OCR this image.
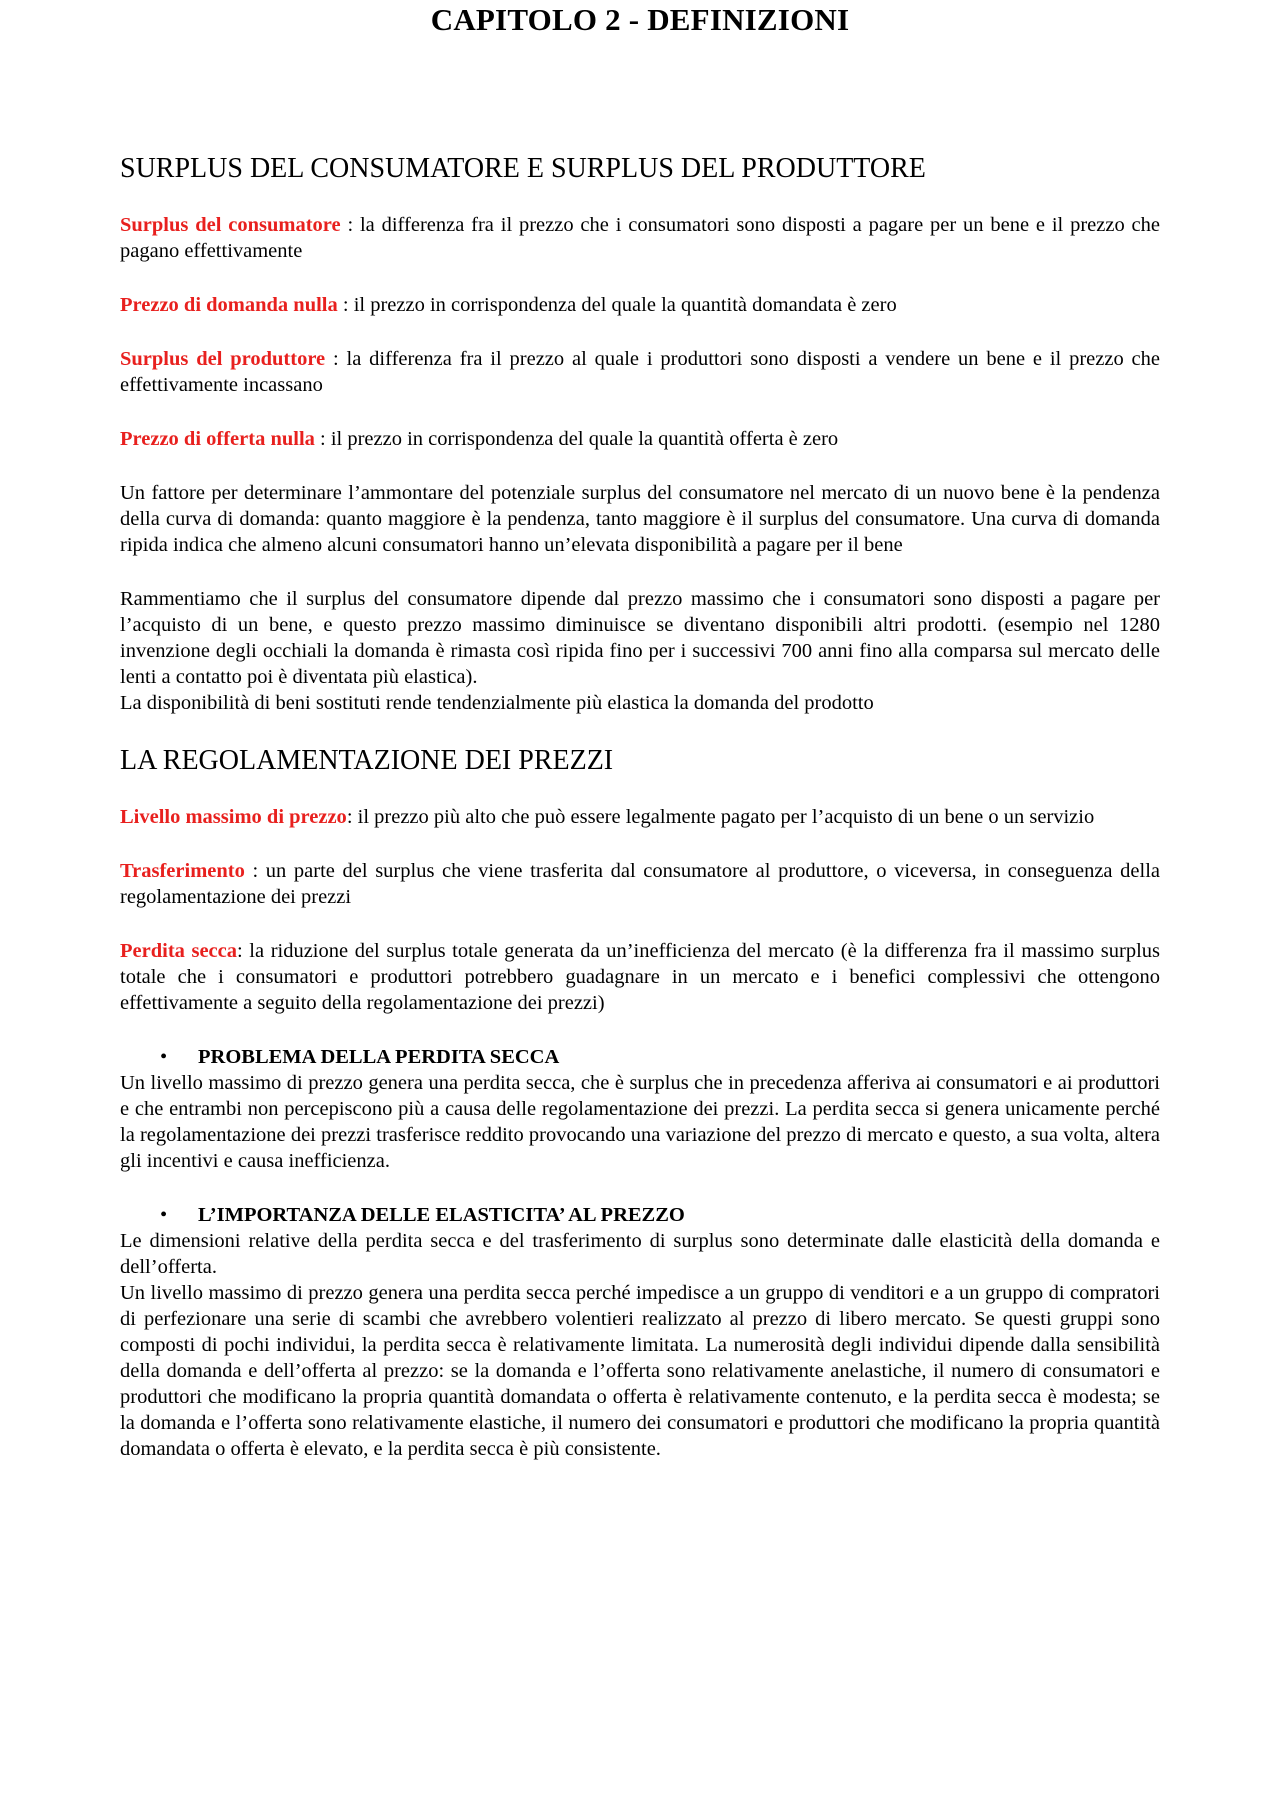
CAPITOLO 2 - DEFINIZIONI
SURPLUS DEL CONSUMATORE E SURPLUS DEL PRODUTTORE

Surplus del consumatore : la differenza fra il prezzo che i consumatori sono disposti a pagare per un bene e il prezzo che pagano effettivamente

Prezzo di domanda nulla : il prezzo in corrispondenza del quale la quantità domandata è zero

Surplus del produttore : la differenza fra il prezzo al quale i produttori sono disposti a vendere un bene e il prezzo che effettivamente incassano

Prezzo di offerta nulla : il prezzo in corrispondenza del quale la quantità offerta è zero

Un fattore per determinare l’ammontare del potenziale surplus del consumatore nel mercato di un nuovo bene è la pendenza della curva di domanda: quanto maggiore è la pendenza, tanto maggiore è il surplus del consumatore. Una curva di domanda ripida indica che almeno alcuni consumatori hanno un’elevata disponibilità a pagare per il bene

Rammentiamo che il surplus del consumatore dipende dal prezzo massimo che i consumatori sono disposti a pagare per l’acquisto di un bene, e questo prezzo massimo diminuisce se diventano disponibili altri prodotti. (esempio nel 1280 invenzione degli occhiali la domanda è rimasta così ripida fino per i successivi 700 anni fino alla comparsa sul mercato delle lenti a contatto poi è diventata più elastica).

La disponibilità di beni sostituti rende tendenzialmente più elastica la domanda del prodotto

LA REGOLAMENTAZIONE DEI PREZZI

Livello massimo di prezzo: il prezzo più alto che può essere legalmente pagato per l’acquisto di un bene o un servizio

Trasferimento : un parte del surplus che viene trasferita dal consumatore al produttore, o viceversa, in conseguenza della regolamentazione dei prezzi

Perdita secca: la riduzione del surplus totale generata da un’inefficienza del mercato (è la differenza fra il massimo surplus totale che i consumatori e produttori potrebbero guadagnare in un mercato e i benefici complessivi che ottengono effettivamente a seguito della regolamentazione dei prezzi)

• PROBLEMA DELLA PERDITA SECCA

Un livello massimo di prezzo genera una perdita secca, che è surplus che in precedenza afferiva ai consumatori e ai produttori e che entrambi non percepiscono più a causa delle regolamentazione dei prezzi. La perdita secca si genera unicamente perché la regolamentazione dei prezzi trasferisce reddito provocando una variazione del prezzo di mercato e questo, a sua volta, altera gli incentivi e causa inefficienza.

• L’IMPORTANZA DELLE ELASTICITA’ AL PREZZO

Le dimensioni relative della perdita secca e del trasferimento di surplus sono determinate dalle elasticità della domanda e dell’offerta.

Un livello massimo di prezzo genera una perdita secca perché impedisce a un gruppo di venditori e a un gruppo di compratori di perfezionare una serie di scambi che avrebbero volentieri realizzato al prezzo di libero mercato. Se questi gruppi sono composti di pochi individui, la perdita secca è relativamente limitata. La numerosità degli individui dipende dalla sensibilità della domanda e dell’offerta al prezzo: se la domanda e l’offerta sono relativamente anelastiche, il numero di consumatori e produttori che modificano la propria quantità domandata o offerta è relativamente contenuto, e la perdita secca è modesta; se la domanda e l’offerta sono relativamente elastiche, il numero dei consumatori e produttori che modificano la propria quantità domandata o offerta è elevato, e la perdita secca è più consistente.
